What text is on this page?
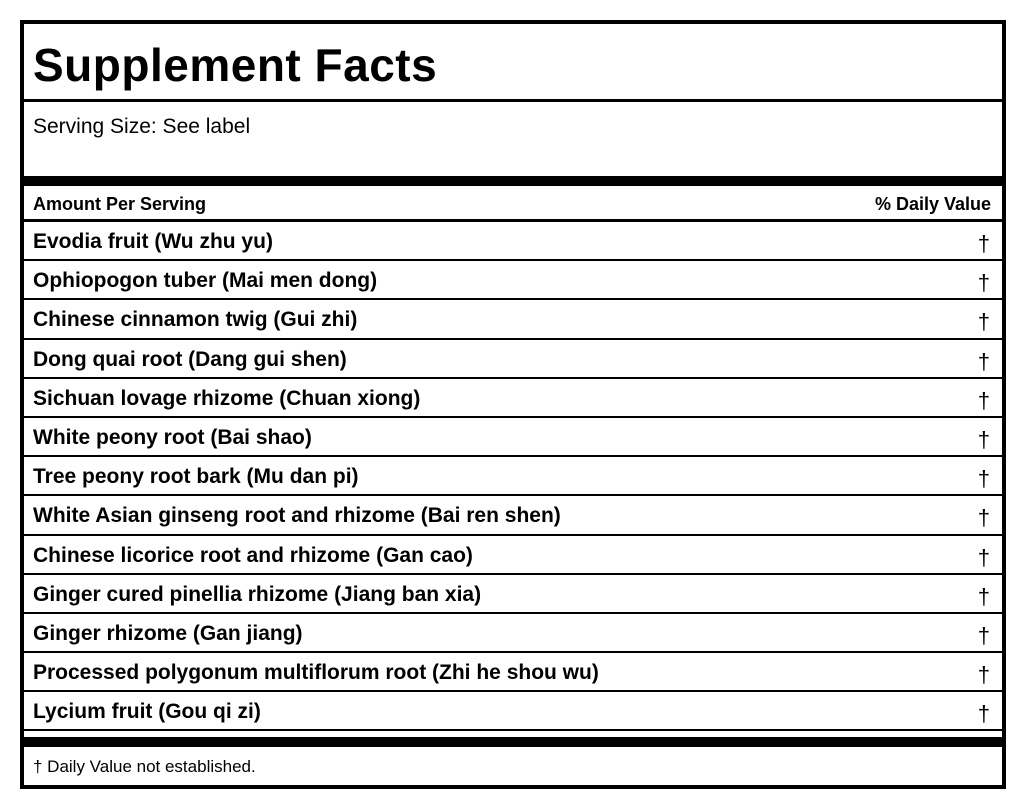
Supplement Facts
Serving Size: See label
Amount Per Serving	% Daily Value
Evodia fruit (Wu zhu yu)	†
Ophiopogon tuber (Mai men dong)	†
Chinese cinnamon twig (Gui zhi)	†
Dong quai root (Dang gui shen)	†
Sichuan lovage rhizome (Chuan xiong)	†
White peony root (Bai shao)	†
Tree peony root bark (Mu dan pi)	†
White Asian ginseng root and rhizome (Bai ren shen)	†
Chinese licorice root and rhizome (Gan cao)	†
Ginger cured pinellia rhizome (Jiang ban xia)	†
Ginger rhizome (Gan jiang)	†
Processed polygonum multiflorum root (Zhi he shou wu)	†
Lycium fruit (Gou qi zi)	†
† Daily Value not established.
